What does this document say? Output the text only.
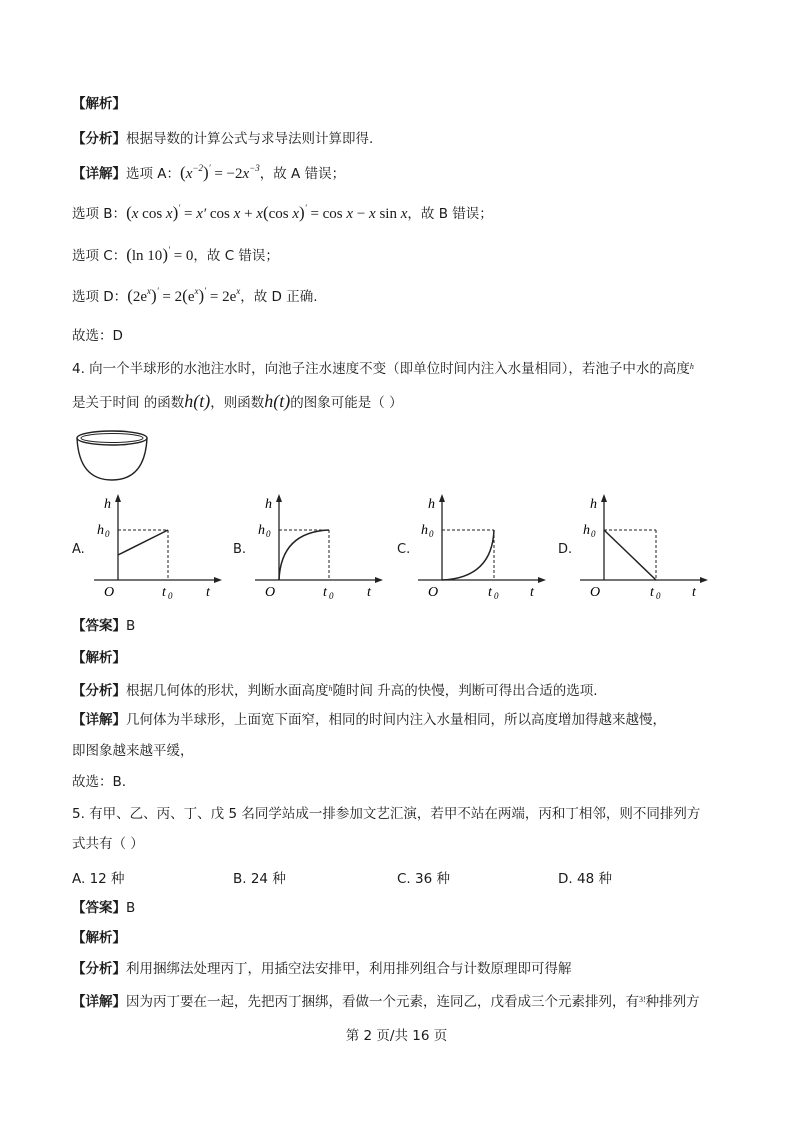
【解析】
【分析】根据导数的计算公式与求导法则计算即得.
【详解】选项 A：$(x^{-2})' = -2x^{-3}$，故 A 错误；
选项 B：(x cos x)′ = x′ cos x + x(cos x)′ = cos x − x sin x，故 B 错误；
选项 C：(ln 10)′ = 0，故 C 错误；
选项 D：$(2e^x)' = 2(e^x)' = 2e^x$，故 D 正确.
故选：D
4. 向一个半球形的水池注水时，向池子注水速度不变（即单位时间内注入水量相同），若池子中水的高度$^h$
是关于时间 的函数h(t)，则函数h(t)的图象可能是（ ）
A.	B.	C.	D.
h
h 0
O	t 0 t
h
h 0
O	t 0 t
h
h 0
O	t 0 t
h
h 0
O	t 0 t
【答案】B
【解析】
【分析】根据几何体的形状，判断水面高度$^h$随时间 升高的快慢，判断可得出合适的选项.
【详解】几何体为半球形，上面宽下面窄，相同的时间内注入水量相同，所以高度增加得越来越慢，
即图象越来越平缓，
故选：B.
5. 有甲、乙、丙、丁、戊 5 名同学站成一排参加文艺汇演，若甲不站在两端，丙和丁相邻，则不同排列方
式共有（ ）
A. 12 种	B. 24 种	C. 36 种	D. 48 种
【答案】B
【解析】
【分析】利用捆绑法处理丙丁，用插空法安排甲，利用排列组合与计数原理即可得解
【详解】因为丙丁要在一起，先把丙丁捆绑，看做一个元素，连同乙，戊看成三个元素排列，有$^{3!}$种排列方
第 2 页/共 16 页
